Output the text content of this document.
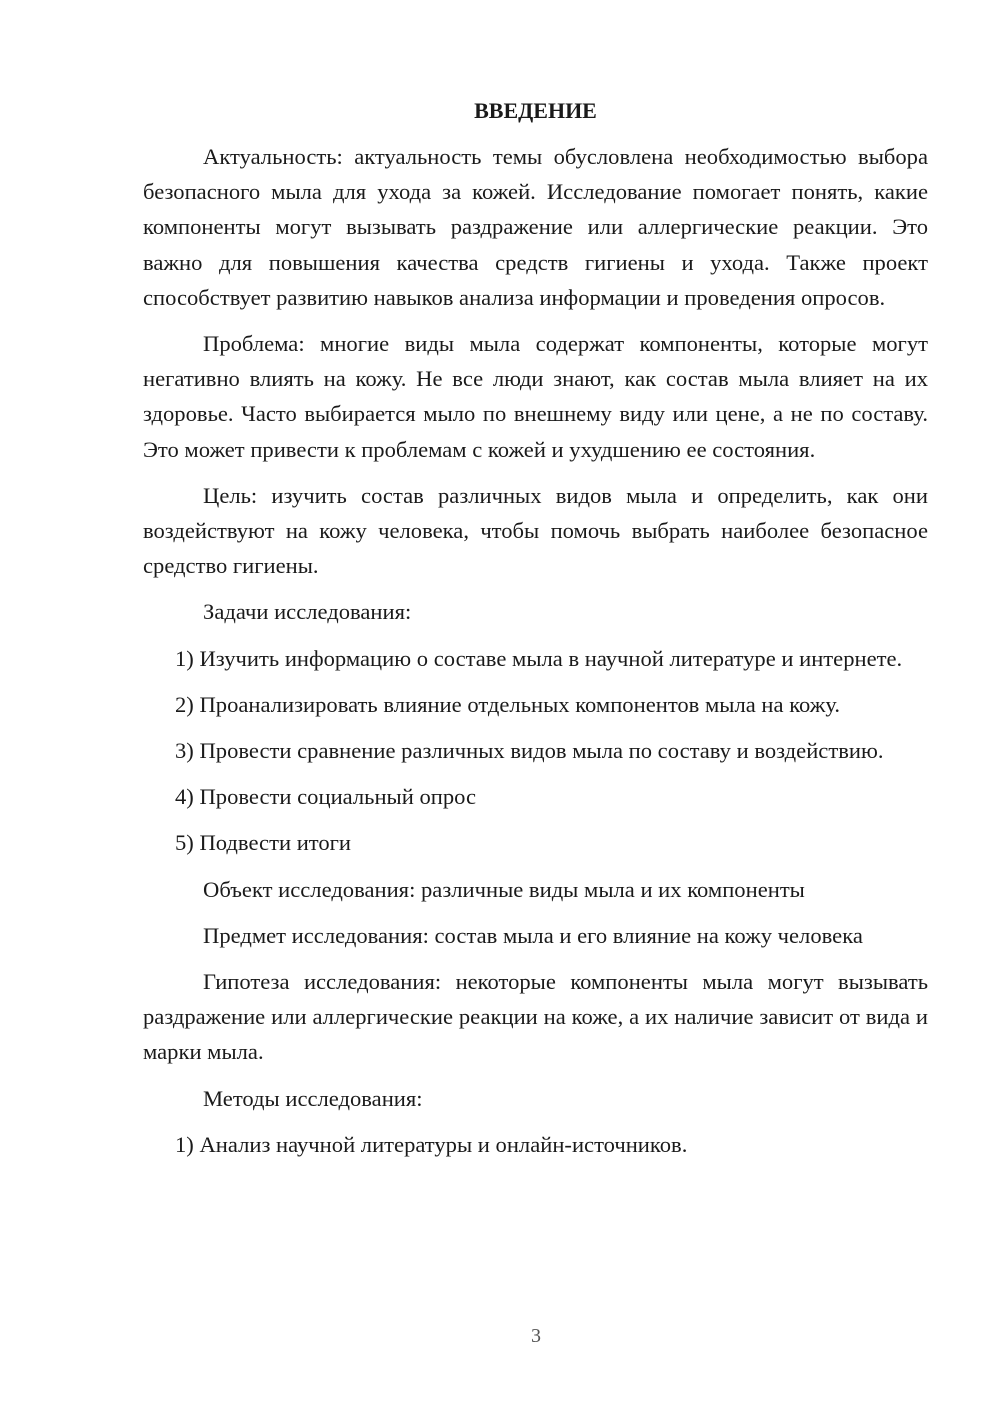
ВВЕДЕНИЕ

Актуальность: актуальность темы обусловлена необходимостью выбора безопасного мыла для ухода за кожей. Исследование помогает понять, какие компоненты могут вызывать раздражение или аллергические реакции. Это важно для повышения качества средств гигиены и ухода. Также проект способствует развитию навыков анализа информации и проведения опросов.

Проблема: многие виды мыла содержат компоненты, которые могут негативно влиять на кожу. Не все люди знают, как состав мыла влияет на их здоровье. Часто выбирается мыло по внешнему виду или цене, а не по составу. Это может привести к проблемам с кожей и ухудшению ее состояния.

Цель: изучить состав различных видов мыла и определить, как они воздействуют на кожу человека, чтобы помочь выбрать наиболее безопасное средство гигиены.

Задачи исследования:

1) Изучить информацию о составе мыла в научной литературе и интернете.

2) Проанализировать влияние отдельных компонентов мыла на кожу.

3) Провести сравнение различных видов мыла по составу и воздействию.

4) Провести социальный опрос

5) Подвести итоги

Объект исследования: различные виды мыла и их компоненты

Предмет исследования: состав мыла и его влияние на кожу человека

Гипотеза исследования: некоторые компоненты мыла могут вызывать раздражение или аллергические реакции на коже, а их наличие зависит от вида и марки мыла.

Методы исследования:

1) Анализ научной литературы и онлайн-источников.

3
